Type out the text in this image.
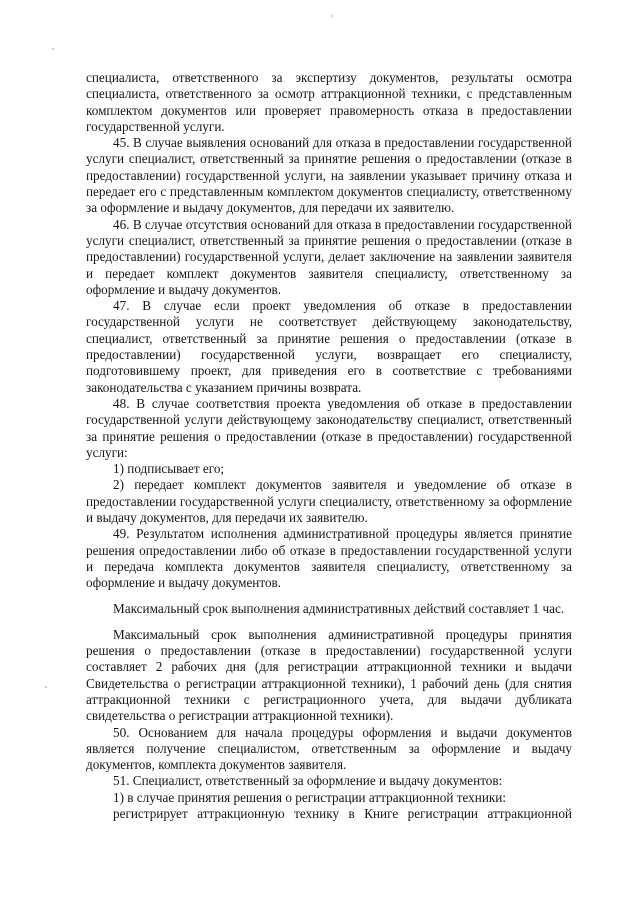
специалиста, ответственного за экспертизу документов, результаты осмотра специалиста, ответственного за осмотр аттракционной техники, с представленным комплектом документов или проверяет правомерность отказа в предоставлении государственной услуги.

45. В случае выявления оснований для отказа в предоставлении государственной услуги специалист, ответственный за принятие решения о предоставлении (отказе в предоставлении) государственной услуги, на заявлении указывает причину отказа и передает его с представленным комплектом документов специалисту, ответственному за оформление и выдачу документов, для передачи их заявителю.

46. В случае отсутствия оснований для отказа в предоставлении государственной услуги специалист, ответственный за принятие решения о предоставлении (отказе в предоставлении) государственной услуги, делает заключение на заявлении заявителя и передает комплект документов заявителя специалисту, ответственному за оформление и выдачу документов.

47. В случае если проект уведомления об отказе в предоставлении государственной услуги не соответствует действующему законодательству, специалист, ответственный за принятие решения о предоставлении (отказе в предоставлении) государственной услуги, возвращает его специалисту, подготовившему проект, для приведения его в соответствие с требованиями законодательства с указанием причины возврата.

48. В случае соответствия проекта уведомления об отказе в предоставлении государственной услуги действующему законодательству специалист, ответственный за принятие решения о предоставлении (отказе в предоставлении) государственной услуги:

1) подписывает его;

2) передает комплект документов заявителя и уведомление об отказе в предоставлении государственной услуги специалисту, ответственному за оформление и выдачу документов, для передачи их заявителю.

49. Результатом исполнения административной процедуры является принятие решения опредоставлении либо об отказе в предоставлении государственной услуги и передача комплекта документов заявителя специалисту, ответственному за оформление и выдачу документов.

Максимальный срок выполнения административных действий составляет 1 час.

Максимальный срок выполнения административной процедуры принятия решения о предоставлении (отказе в предоставлении) государственной услуги составляет 2 рабочих дня (для регистрации аттракционной техники и выдачи Свидетельства о регистрации аттракционной техники), 1 рабочий день (для снятия аттракционной техники с регистрационного учета, для выдачи дубликата свидетельства о регистрации аттракционной техники).

50. Основанием для начала процедуры оформления и выдачи документов является получение специалистом, ответственным за оформление и выдачу документов, комплекта документов заявителя.

51. Специалист, ответственный за оформление и выдачу документов:

1) в случае принятия решения о регистрации аттракционной техники:

регистрирует аттракционную технику в Книге регистрации аттракционной
